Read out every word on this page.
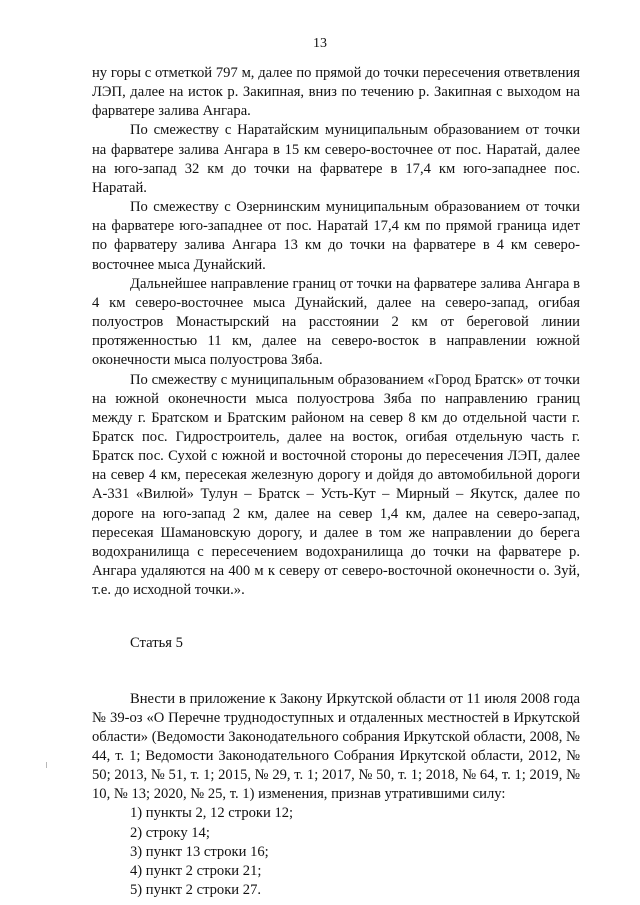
13

ну горы с отметкой 797 м, далее по прямой до точки пересечения ответвления ЛЭП, далее на исток р. Закипная, вниз по течению р. Закипная с выходом на фарватере залива Ангара.

По смежеству с Наратайским муниципальным образованием от точки на фарватере залива Ангара в 15 км северо-восточнее от пос. Наратай, далее на юго-запад 32 км до точки на фарватере в 17,4 км юго-западнее пос. Наратай.

По смежеству с Озернинским муниципальным образованием от точки на фарватере юго-западнее от пос. Наратай 17,4 км по прямой граница идет по фарватеру залива Ангара 13 км до точки на фарватере в 4 км северо-восточнее мыса Дунайский.

Дальнейшее направление границ от точки на фарватере залива Ангара в 4 км северо-восточнее мыса Дунайский, далее на северо-запад, огибая полуостров Монастырский на расстоянии 2 км от береговой линии протяженностью 11 км, далее на северо-восток в направлении южной оконечности мыса полуострова Зяба.

По смежеству с муниципальным образованием «Город Братск» от точки на южной оконечности мыса полуострова Зяба по направлению границ между г. Братском и Братским районом на север 8 км до отдельной части г. Братск пос. Гидростроитель, далее на восток, огибая отдельную часть г. Братск пос. Сухой с южной и восточной стороны до пересечения ЛЭП, далее на север 4 км, пересекая железную дорогу и дойдя до автомобильной дороги А-331 «Вилюй» Тулун – Братск – Усть-Кут – Мирный – Якутск, далее по дороге на юго-запад 2 км, далее на север 1,4 км, далее на северо-запад, пересекая Шамановскую дорогу, и далее в том же направлении до берега водохранилища с пересечением водохранилища до точки на фарватере р. Ангара удаляются на 400 м к северу от северо-восточной оконечности о. Зуй, т.е. до исходной точки.».

Статья 5

Внести в приложение к Закону Иркутской области от 11 июля 2008 года № 39-оз «О Перечне труднодоступных и отдаленных местностей в Иркутской области» (Ведомости Законодательного собрания Иркутской области, 2008, № 44, т. 1; Ведомости Законодательного Собрания Иркутской области, 2012, № 50; 2013, № 51, т. 1; 2015, № 29, т. 1; 2017, № 50, т. 1; 2018, № 64, т. 1; 2019, № 10, № 13; 2020, № 25, т. 1) изменения, признав утратившими силу:

1) пункты 2, 12 строки 12;
2) строку 14;
3) пункт 13 строки 16;
4) пункт 2 строки 21;
5) пункт 2 строки 27.
